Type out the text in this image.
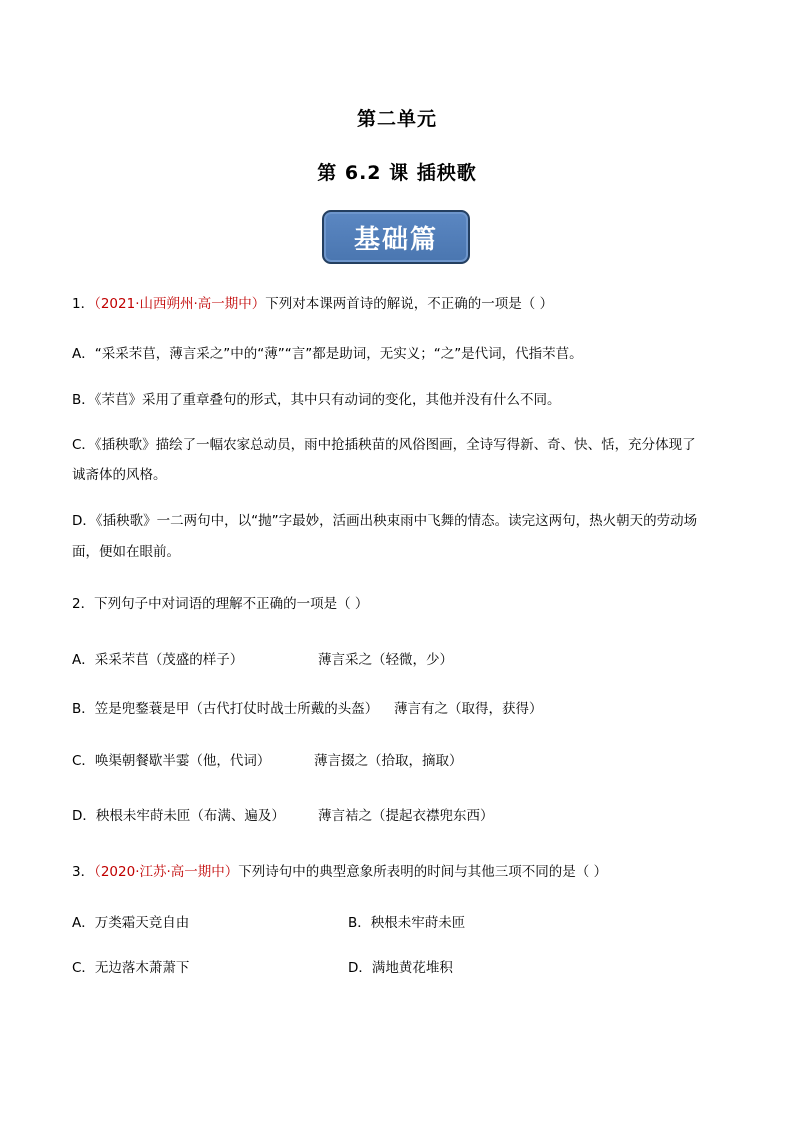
第二单元
第 6.2 课 插秧歌
基础篇
1．（2021·山西朔州·高一期中）下列对本课两首诗的解说，不正确的一项是（ ）
A．“采采芣苢，薄言采之”中的“薄”“言”都是助词，无实义；“之”是代词，代指芣苢。
B．《芣苢》采用了重章叠句的形式，其中只有动词的变化，其他并没有什么不同。
C．《插秧歌》描绘了一幅农家总动员，雨中抢插秧苗的风俗图画，全诗写得新、奇、快、恬，充分体现了
诚斋体的风格。
D．《插秧歌》一二两句中，以“抛”字最妙，活画出秧束雨中飞舞的情态。读完这两句，热火朝天的劳动场
面，便如在眼前。
2．下列句子中对词语的理解不正确的一项是（ ）
A．采采芣苢（茂盛的样子）	薄言采之（轻微，少）
B．笠是兜鍪蓑是甲（古代打仗时战士所戴的头盔） 薄言有之（取得，获得）
C．唤渠朝餐歇半霎（他，代词）	薄言掇之（拾取，摘取）
D．秧根未牢莳未匝（布满、遍及） 薄言袺之（提起衣襟兜东西）
3．（2020·江苏·高一期中）下列诗句中的典型意象所表明的时间与其他三项不同的是（ ）
A．万类霜天竞自由	B．秧根未牢莳未匝
C．无边落木萧萧下	D．满地黄花堆积
